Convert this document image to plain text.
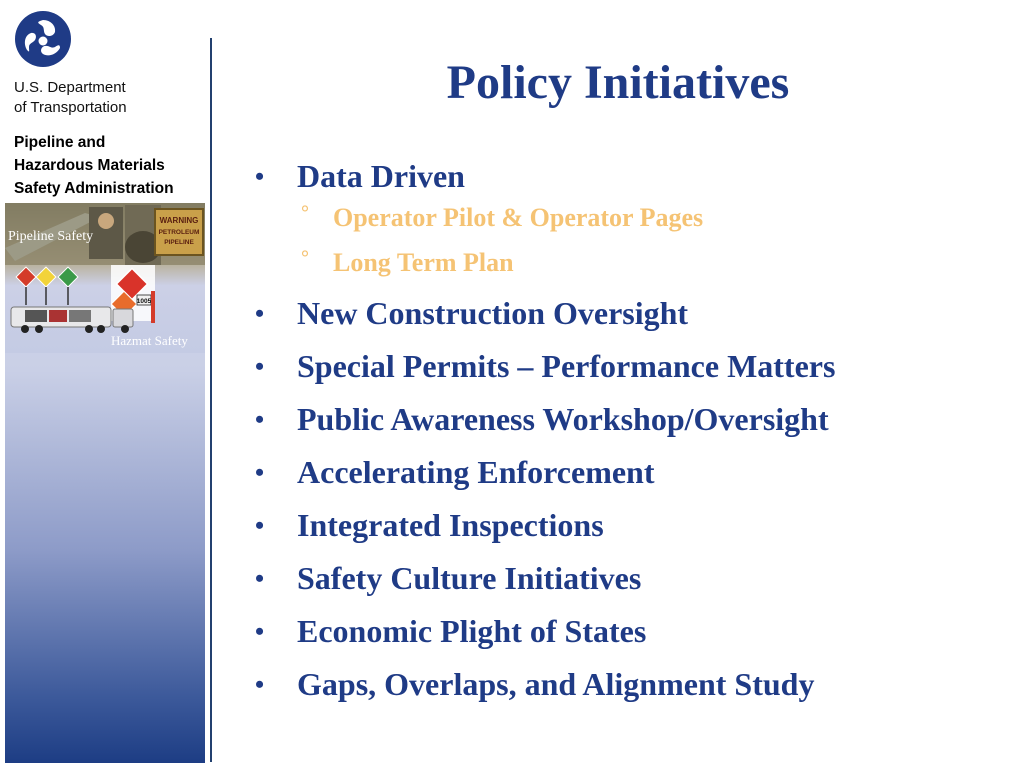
U.S. Department
of Transportation
Pipeline and
Hazardous Materials
Safety Administration
WARNING
PETROLEUM
PIPELINE
1005
Pipeline Safety
Hazmat Safety
Policy Initiatives
•	Data Driven
° Operator Pilot & Operator Pages
° Long Term Plan
•	New Construction Oversight
•	Special Permits – Performance Matters
•	Public Awareness Workshop/Oversight
•	Accelerating Enforcement
•	Integrated Inspections
•	Safety Culture Initiatives
•	Economic Plight of States
•	Gaps, Overlaps, and Alignment Study
